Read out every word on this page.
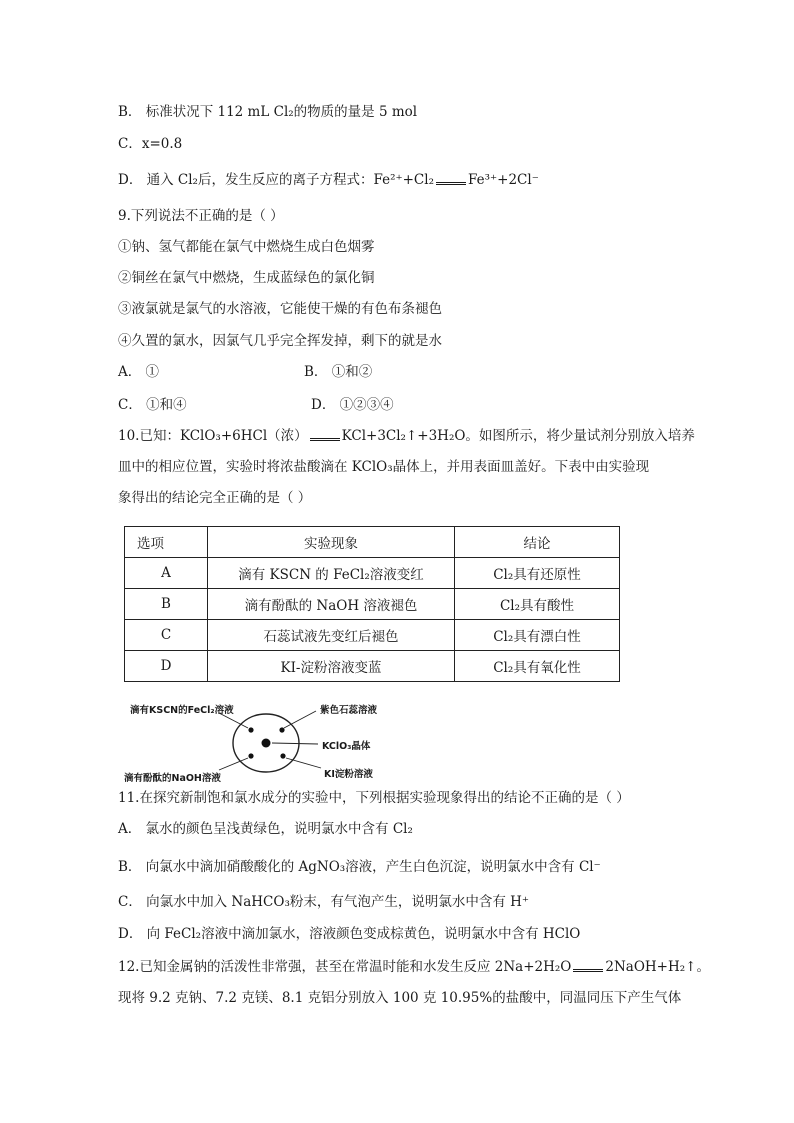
B． 标准状况下 112 mL Cl₂的物质的量是 5 mol
C．x=0.8
D． 通入 Cl₂后，发生反应的离子方程式：Fe²⁺+Cl₂	Fe³⁺+2Cl⁻
9.下列说法不正确的是（ ）
①钠、氢气都能在氯气中燃烧生成白色烟雾
②铜丝在氯气中燃烧，生成蓝绿色的氯化铜
③液氯就是氯气的水溶液，它能使干燥的有色布条褪色
④久置的氯水，因氯气几乎完全挥发掉，剩下的就是水
A． ①	B． ①和②
C． ①和④	D． ①②③④
10.已知：KClO₃+6HCl（浓）	KCl+3Cl₂↑+3H₂O。如图所示，将少量试剂分别放入培养
皿中的相应位置，实验时将浓盐酸滴在 KClO₃晶体上，并用表面皿盖好。下表中由实验现
象得出的结论完全正确的是（ ）
选项	实验现象	结论
A	滴有 KSCN 的 FeCl₂溶液变红	Cl₂具有还原性
B	滴有酚酞的 NaOH 溶液褪色	Cl₂具有酸性
C	石蕊试液先变红后褪色	Cl₂具有漂白性
D	KI-淀粉溶液变蓝	Cl₂具有氧化性
滴有KSCN的FeCl₂溶液	紫色石蕊溶液
KClO₃晶体
滴有酚酞的NaOH溶液	KI淀粉溶液
11.在探究新制饱和氯水成分的实验中，下列根据实验现象得出的结论不正确的是（ ）
A． 氯水的颜色呈浅黄绿色，说明氯水中含有 Cl₂
B． 向氯水中滴加硝酸酸化的 AgNO₃溶液，产生白色沉淀，说明氯水中含有 Cl⁻
C． 向氯水中加入 NaHCO₃粉末，有气泡产生，说明氯水中含有 H⁺
D． 向 FeCl₂溶液中滴加氯水，溶液颜色变成棕黄色，说明氯水中含有 HClO
12.已知金属钠的活泼性非常强，甚至在常温时能和水发生反应 2Na+2H₂O	2NaOH+H₂↑。
现将 9.2 克钠、7.2 克镁、8.1 克铝分别放入 100 克 10.95%的盐酸中，同温同压下产生气体
